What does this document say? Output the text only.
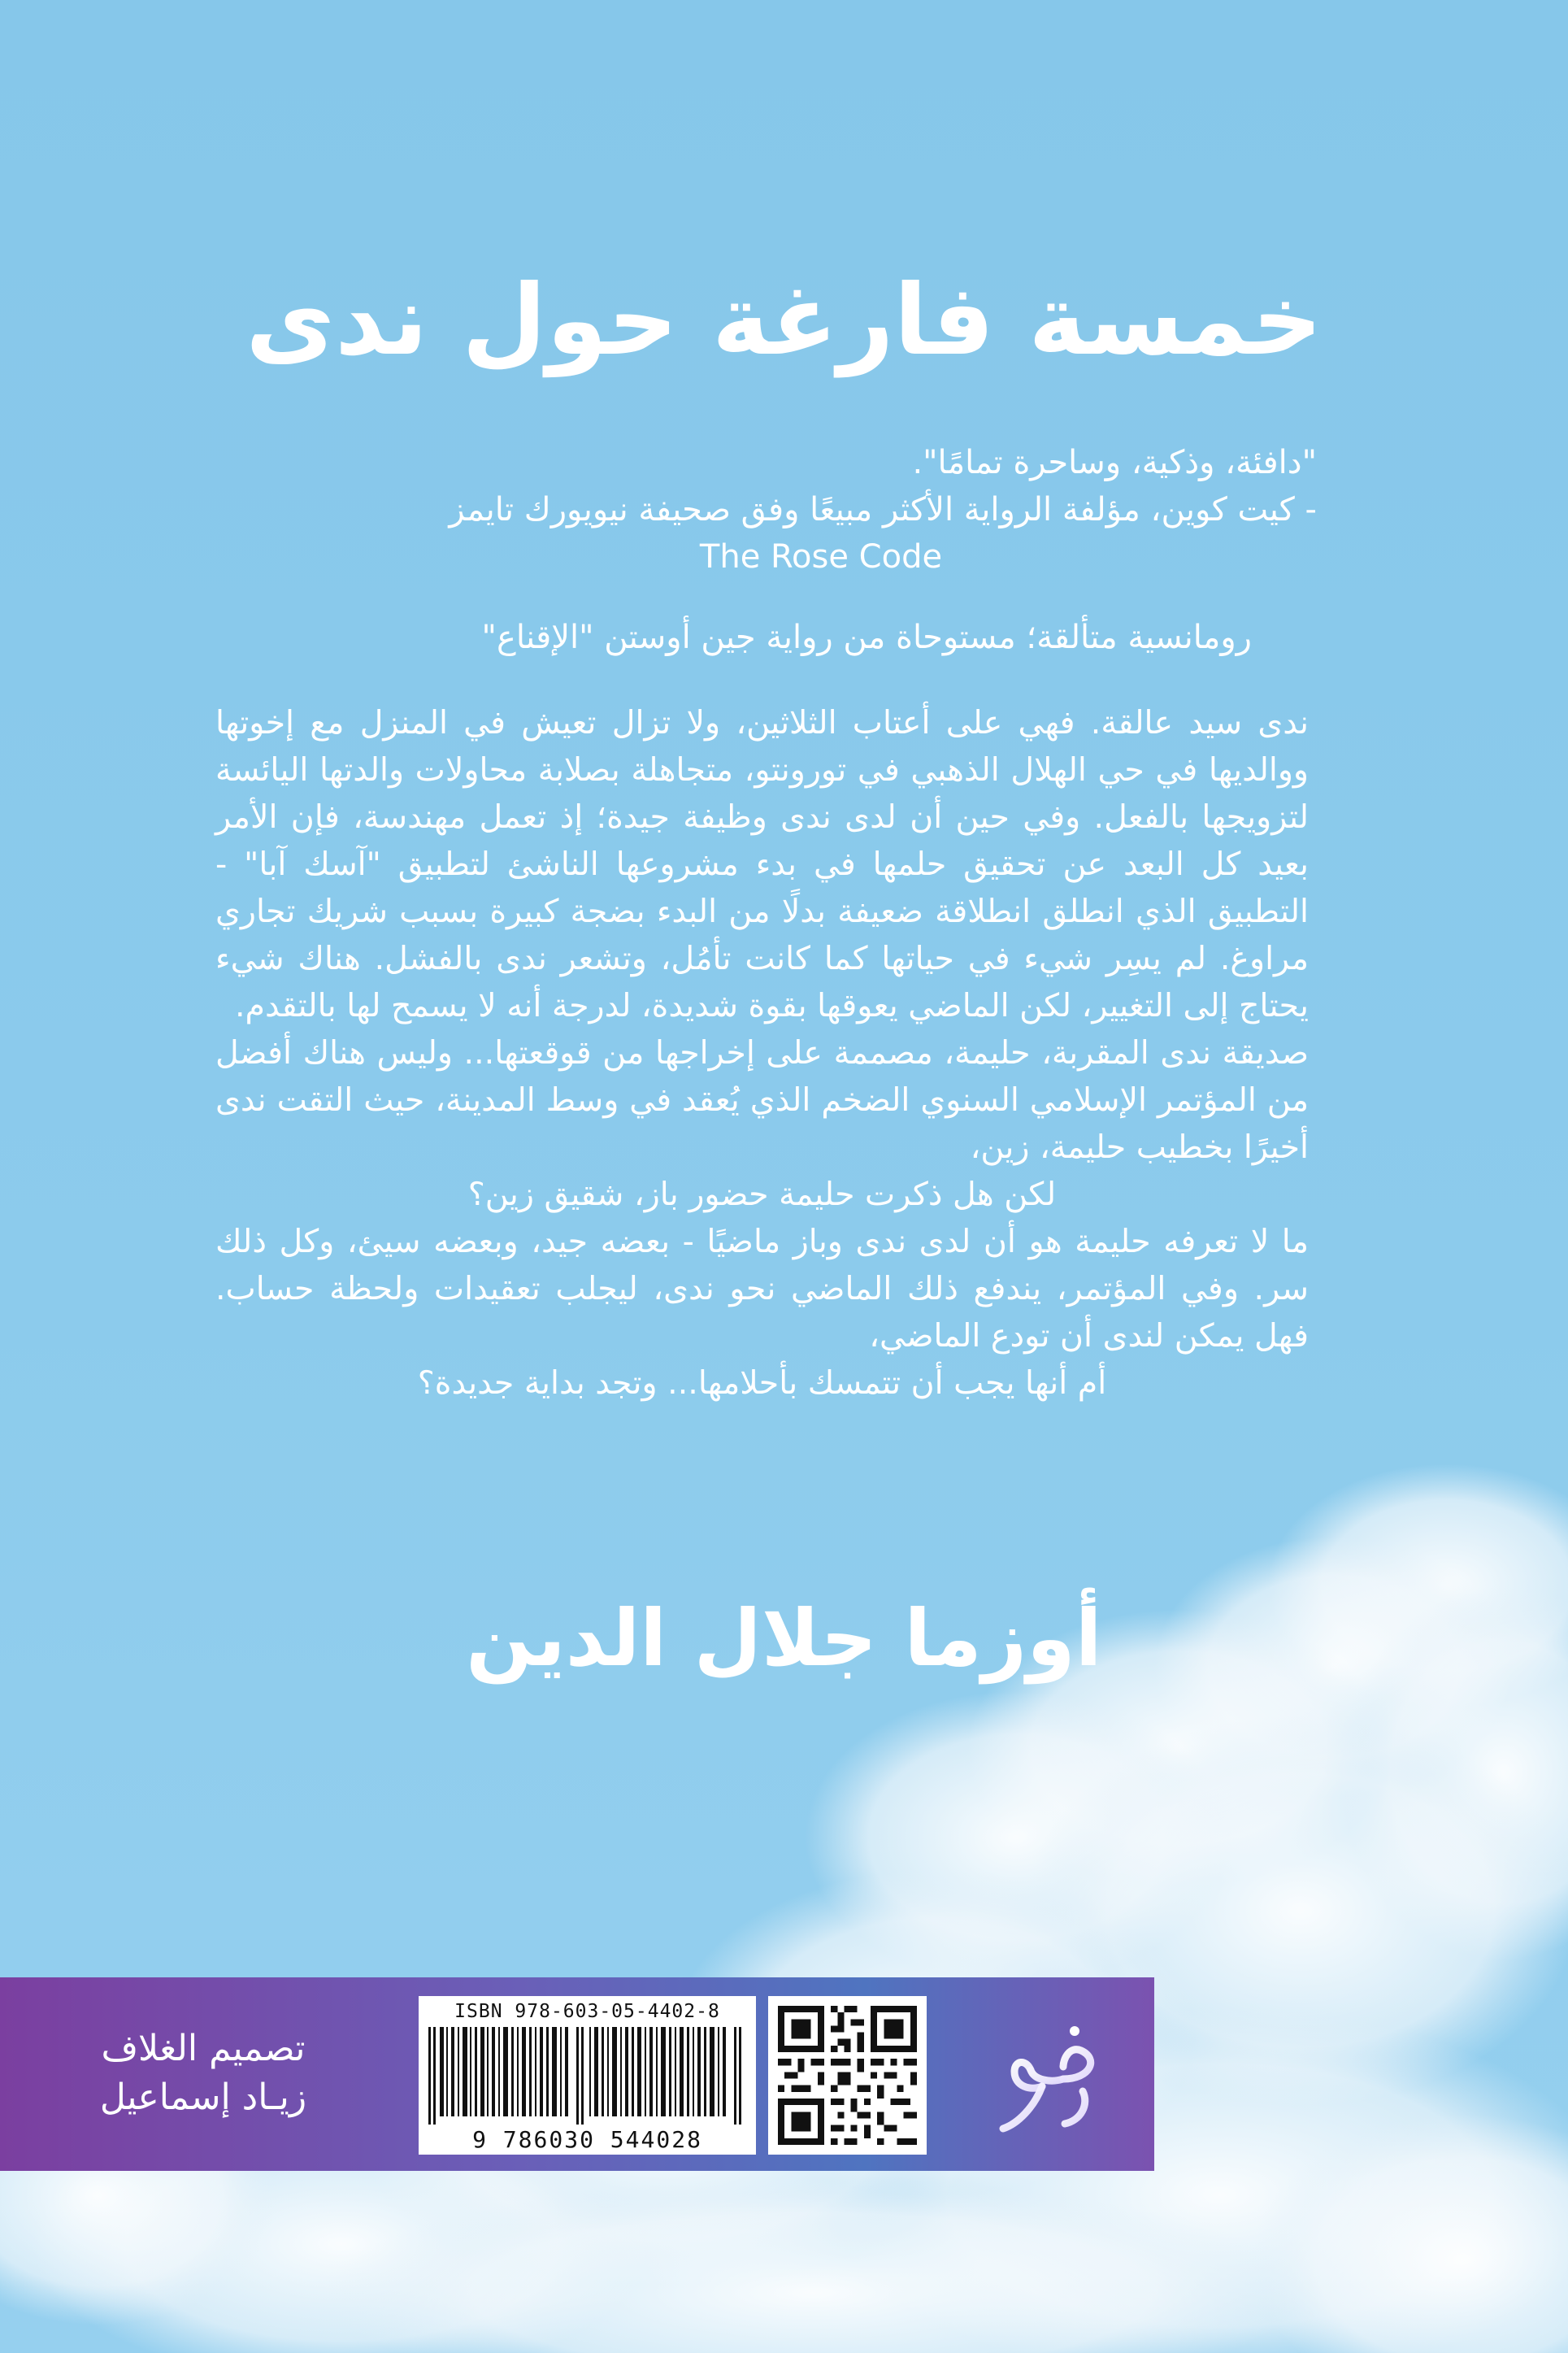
خمسة فارغة حول ندى
"دافئة، وذكية، وساحرة تمامًا".
- كيت كوين، مؤلفة الرواية الأكثر مبيعًا وفق صحيفة نيويورك تايمز
The Rose Code
رومانسية متألقة؛ مستوحاة من رواية جين أوستن "الإقناع"

ندى سيد عالقة. فهي على أعتاب الثلاثين، ولا تزال تعيش في المنزل مع إخوتها ووالديها في حي الهلال الذهبي في تورونتو، متجاهلة بصلابة محاولات والدتها اليائسة لتزويجها بالفعل. وفي حين أن لدى ندى وظيفة جيدة؛ إذ تعمل مهندسة، فإن الأمر بعيد كل البعد عن تحقيق حلمها في بدء مشروعها الناشئ لتطبيق "آسك آبا" - التطبيق الذي انطلق انطلاقة ضعيفة بدلًا من البدء بضجة كبيرة بسبب شريك تجاري مراوغ. لم يسِر شيء في حياتها كما كانت تأمُل، وتشعر ندى بالفشل. هناك شيء يحتاج إلى التغيير، لكن الماضي يعوقها بقوة شديدة، لدرجة أنه لا يسمح لها بالتقدم.

صديقة ندى المقربة، حليمة، مصممة على إخراجها من قوقعتها... وليس هناك أفضل من المؤتمر الإسلامي السنوي الضخم الذي يُعقد في وسط المدينة، حيث التقت ندى أخيرًا بخطيب حليمة، زين،

لكن هل ذكرت حليمة حضور باز، شقيق زين؟

ما لا تعرفه حليمة هو أن لدى ندى وباز ماضيًا - بعضه جيد، وبعضه سيئ، وكل ذلك سر. وفي المؤتمر، يندفع ذلك الماضي نحو ندى، ليجلب تعقيدات ولحظة حساب. فهل يمكن لندى أن تودع الماضي،

أم أنها يجب أن تتمسك بأحلامها... وتجد بداية جديدة؟

أوزما جلال الدين
تصميم الغلاف
زيـاد إسماعيل
ISBN 978-603-05-4402-8
9 786030 544028
